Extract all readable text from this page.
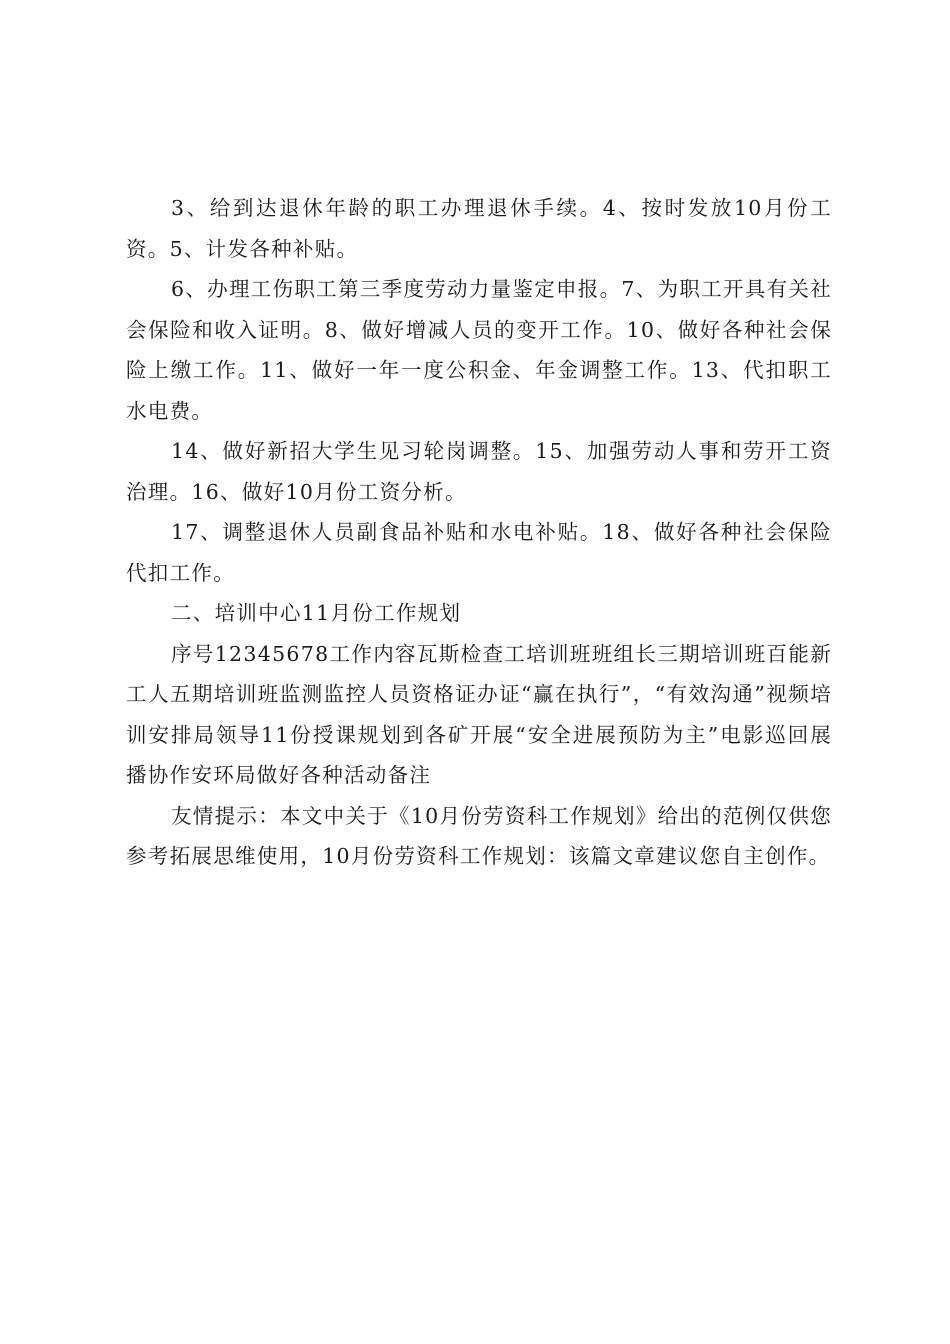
3、给到达退休年龄的职工办理退休手续。4、按时发放10月份工资。5、计发各种补贴。

6、办理工伤职工第三季度劳动力量鉴定申报。7、为职工开具有关社会保险和收入证明。8、做好增减人员的变开工作。10、做好各种社会保险上缴工作。11、做好一年一度公积金、年金调整工作。13、代扣职工水电费。

14、做好新招大学生见习轮岗调整。15、加强劳动人事和劳开工资治理。16、做好10月份工资分析。

17、调整退休人员副食品补贴和水电补贴。18、做好各种社会保险代扣工作。

二、培训中心11月份工作规划

序号12345678工作内容瓦斯检查工培训班班组长三期培训班百能新工人五期培训班监测监控人员资格证办证“赢在执行”，“有效沟通”视频培训安排局领导11份授课规划到各矿开展“安全进展预防为主”电影巡回展播协作安环局做好各种活动备注

友情提示：本文中关于《10月份劳资科工作规划》给出的范例仅供您参考拓展思维使用，10月份劳资科工作规划：该篇文章建议您自主创作。
